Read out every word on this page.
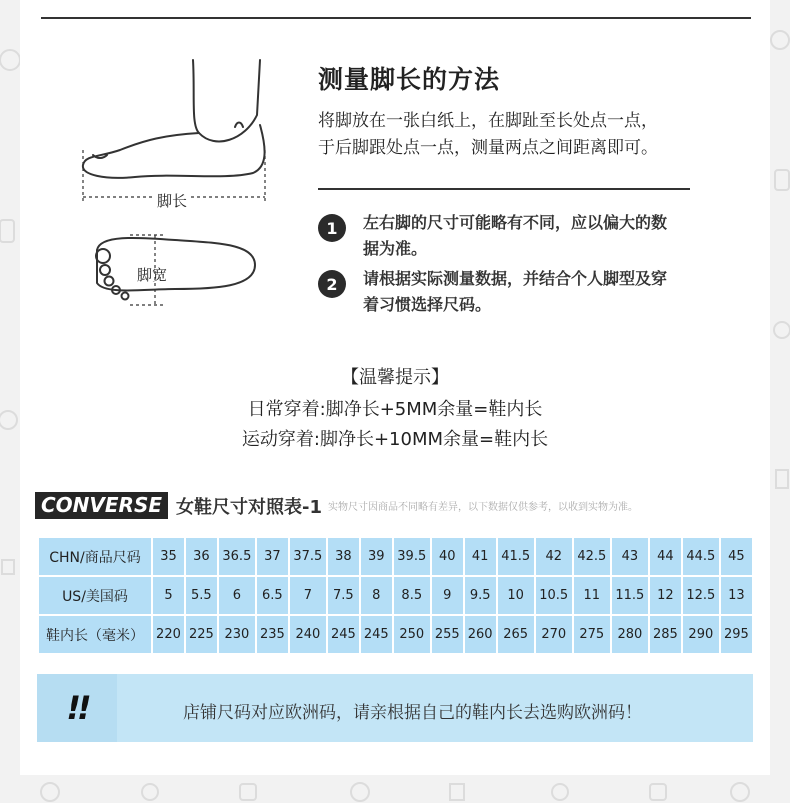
脚长
脚宽
测量脚长的方法
将脚放在一张白纸上，在脚趾至长处点一点，
于后脚跟处点一点，测量两点之间距离即可。
1	左右脚的尺寸可能略有不同，应以偏大的数
据为准。
2	请根据实际测量数据，并结合个人脚型及穿
着习惯选择尺码。
【温馨提示】
日常穿着:脚净长+5MM余量=鞋内长
运动穿着:脚净长+10MM余量=鞋内长
CONVERSE 女鞋尺寸对照表-1 实物尺寸因商品不同略有差异，以下数据仅供参考，以收到实物为准。
CHN/商品尺码	35	36	36.5	37	37.5	38	39	39.5	40	41	41.5	42	42.5	43	44	44.5	45
US/美国码	5	5.5	6	6.5	7	7.5	8	8.5	9	9.5	10	10.5	11	11.5	12	12.5	13
鞋内长（毫米）	220	225	230	235	240	245	245	250	255	260	265	270	275	280	285	290	295
!!	店铺尺码对应欧洲码，请亲根据自己的鞋内长去选购欧洲码！
